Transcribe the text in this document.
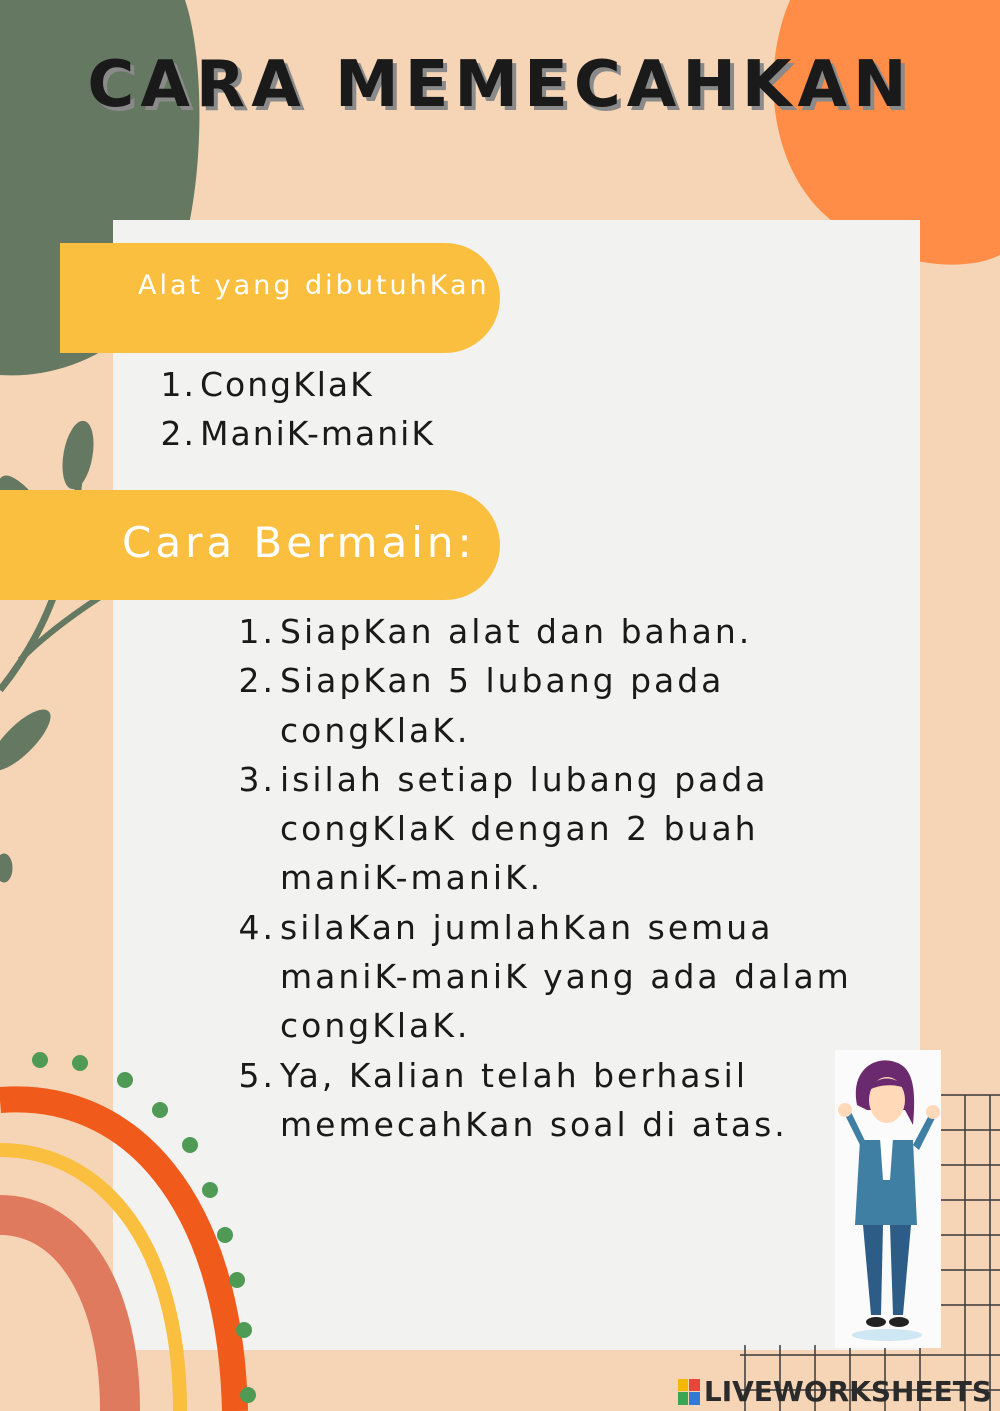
CARA MEMECAHKAN
Alat yang dibutuhKan
1. CongKlaK
2. ManiK-maniK
Cara Bermain:
1. SiapKan alat dan bahan.
2. SiapKan 5 lubang pada congKlaK.
3. isilah setiap lubang pada congKlaK dengan 2 buah maniK-maniK.
4. silaKan jumlahKan semua maniK-maniK yang ada dalam congKlaK.
5. Ya, Kalian telah berhasil memecahKan soal di atas.
LIVEWORKSHEETS
